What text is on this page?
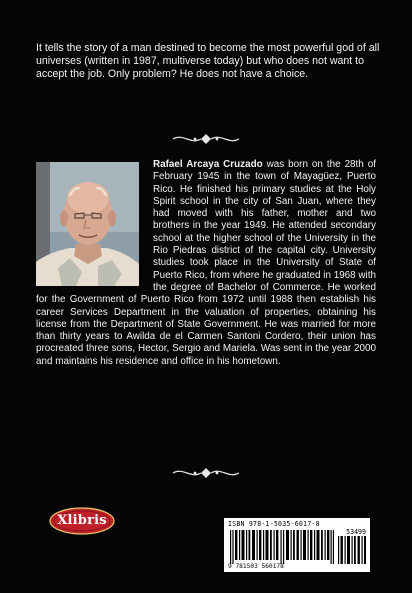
It tells the story of a man destined to become the most powerful god of all universes (written in 1987, multiverse today) but who does not want to accept the job. Only problem? He does not have a choice.

Rafael Arcaya Cruzado was born on the 28th of February 1945 in the town of Mayagüez, Puerto Rico. He finished his primary studies at the Holy Spirit school in the city of San Juan, where they had moved with his father, mother and two brothers in the year 1949. He attended secondary school at the higher school of the University in the Rio Piedras district of the capital city. University studies took place in the University of State of Puerto Rico, from where he graduated in 1968 with the degree of Bachelor of Commerce. He worked for the Government of Puerto Rico from 1972 until 1988 then establish his career Services Department in the valuation of properties, obtaining his license from the Department of State Government. He was married for more than thirty years to Awilda de el Carmen Santoni Cordero, their union has procreated three sons, Hector, Sergio and Mariela. Was sent in the year 2000 and maintains his residence and office in his hometown.
Xlibris	ISBN 978-1-5035-6017-8
53499
9 781503 560178
